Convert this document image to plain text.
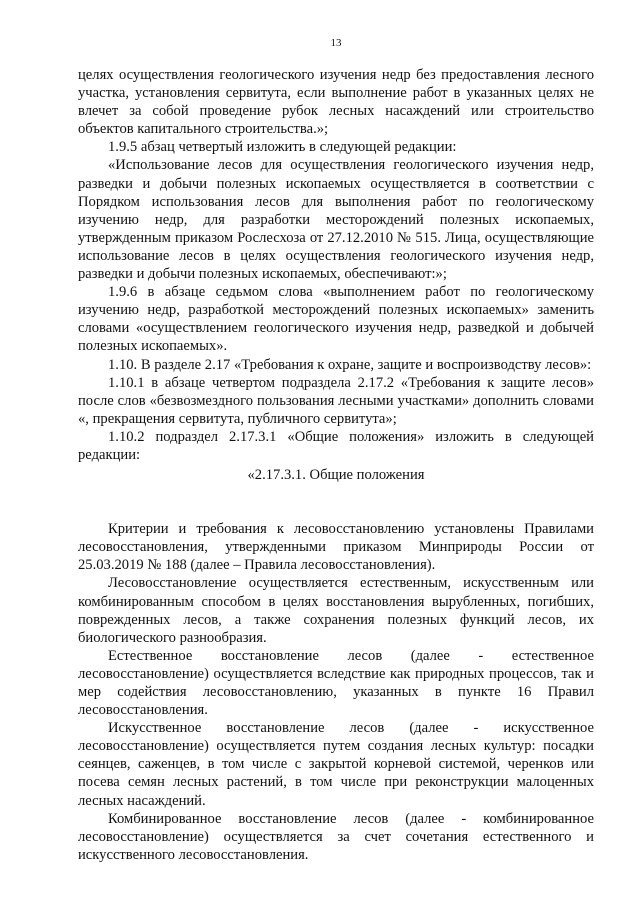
13

целях осуществления геологического изучения недр без предоставления лесного участка, установления сервитута, если выполнение работ в указанных целях не влечет за собой проведение рубок лесных насаждений или строительство объектов капитального строительства.»;

1.9.5 абзац четвертый изложить в следующей редакции:

«Использование лесов для осуществления геологического изучения недр, разведки и добычи полезных ископаемых осуществляется в соответствии с Порядком использования лесов для выполнения работ по геологическому изучению недр, для разработки месторождений полезных ископаемых, утвержденным приказом Рослесхоза от 27.12.2010 № 515. Лица, осуществляющие использование лесов в целях осуществления геологического изучения недр, разведки и добычи полезных ископаемых, обеспечивают:»;

1.9.6 в абзаце седьмом слова «выполнением работ по геологическому изучению недр, разработкой месторождений полезных ископаемых» заменить словами «осуществлением геологического изучения недр, разведкой и добычей полезных ископаемых».

1.10. В разделе 2.17 «Требования к охране, защите и воспроизводству лесов»:

1.10.1 в абзаце четвертом подраздела 2.17.2 «Требования к защите лесов» после слов «безвозмездного пользования лесными участками» дополнить словами «, прекращения сервитута, публичного сервитута»;

1.10.2 подраздел 2.17.3.1 «Общие положения» изложить в следующей редакции:

«2.17.3.1. Общие положения

Критерии и требования к лесовосстановлению установлены Правилами лесовосстановления, утвержденными приказом Минприроды России от 25.03.2019 № 188 (далее – Правила лесовосстановления).

Лесовосстановление осуществляется естественным, искусственным или комбинированным способом в целях восстановления вырубленных, погибших, поврежденных лесов, а также сохранения полезных функций лесов, их биологического разнообразия.

Естественное восстановление лесов (далее - естественное лесовосстановление) осуществляется вследствие как природных процессов, так и мер содействия лесовосстановлению, указанных в пункте 16 Правил лесовосстановления.

Искусственное восстановление лесов (далее - искусственное лесовосстановление) осуществляется путем создания лесных культур: посадки сеянцев, саженцев, в том числе с закрытой корневой системой, черенков или посева семян лесных растений, в том числе при реконструкции малоценных лесных насаждений.

Комбинированное восстановление лесов (далее - комбинированное лесовосстановление) осуществляется за счет сочетания естественного и искусственного лесовосстановления.
